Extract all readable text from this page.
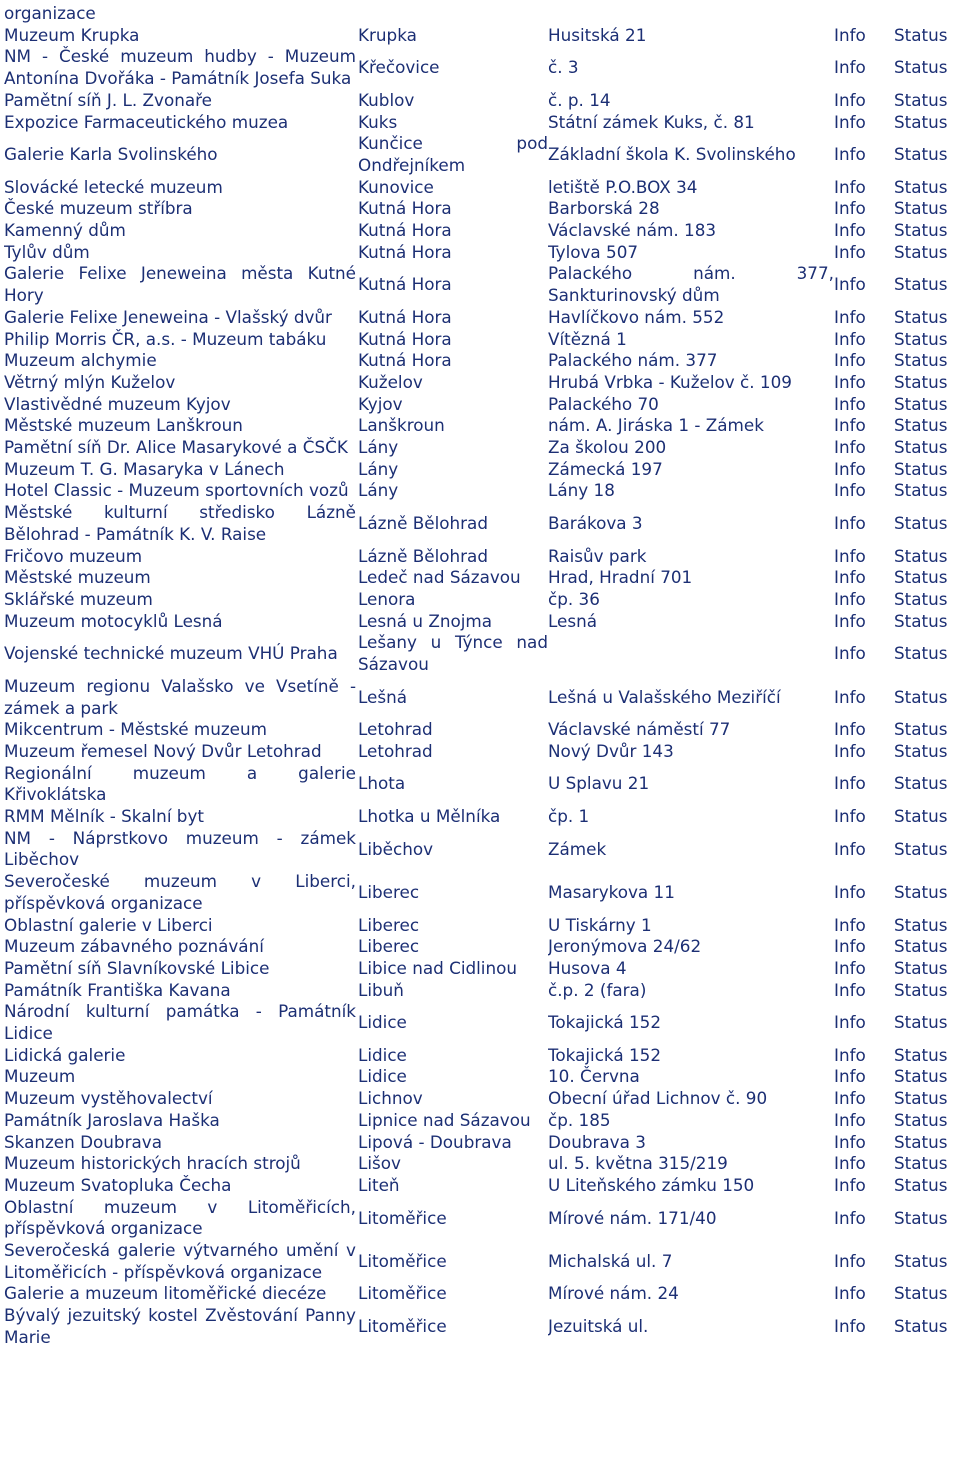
organizace				
Muzeum Krupka	Krupka	Husitská 21	Info	Status
NM - České muzeum hudby - Muzeum Antonína Dvořáka - Památník Josefa Suka	Křečovice	č. 3	Info	Status
Pamětní síň J. L. Zvonaře	Kublov	č. p. 14	Info	Status
Expozice Farmaceutického muzea	Kuks	Státní zámek Kuks, č. 81	Info	Status
Galerie Karla Svolinského	Kunčice pod Ondřejníkem	Základní škola K. Svolinského	Info	Status
Slovácké letecké muzeum	Kunovice	letiště P.O.BOX 34	Info	Status
České muzeum stříbra	Kutná Hora	Barborská 28	Info	Status
Kamenný dům	Kutná Hora	Václavské nám. 183	Info	Status
Tylův dům	Kutná Hora	Tylova 507	Info	Status
Galerie Felixe Jeneweina města Kutné Hory	Kutná Hora	Palackého nám. 377, Sankturinovský dům	Info	Status
Galerie Felixe Jeneweina - Vlašský dvůr	Kutná Hora	Havlíčkovo nám. 552	Info	Status
Philip Morris ČR, a.s. - Muzeum tabáku	Kutná Hora	Vítězná 1	Info	Status
Muzeum alchymie	Kutná Hora	Palackého nám. 377	Info	Status
Větrný mlýn Kuželov	Kuželov	Hrubá Vrbka - Kuželov č. 109	Info	Status
Vlastivědné muzeum Kyjov	Kyjov	Palackého 70	Info	Status
Městské muzeum Lanškroun	Lanškroun	nám. A. Jiráska 1 - Zámek	Info	Status
Pamětní síň Dr. Alice Masarykové a ČSČK	Lány	Za školou 200	Info	Status
Muzeum T. G. Masaryka v Lánech	Lány	Zámecká 197	Info	Status
Hotel Classic - Muzeum sportovních vozů	Lány	Lány 18	Info	Status
Městské kulturní středisko Lázně Bělohrad - Památník K. V. Raise	Lázně Bělohrad	Barákova 3	Info	Status
Fričovo muzeum	Lázně Bělohrad	Raisův park	Info	Status
Městské muzeum	Ledeč nad Sázavou	Hrad, Hradní 701	Info	Status
Sklářské muzeum	Lenora	čp. 36	Info	Status
Muzeum motocyklů Lesná	Lesná u Znojma	Lesná	Info	Status
Vojenské technické muzeum VHÚ Praha	Lešany u Týnce nad Sázavou		Info	Status
Muzeum regionu Valašsko ve Vsetíně - zámek a park	Lešná	Lešná u Valašského Meziříčí	Info	Status
Mikcentrum - Městské muzeum	Letohrad	Václavské náměstí 77	Info	Status
Muzeum řemesel Nový Dvůr Letohrad	Letohrad	Nový Dvůr 143	Info	Status
Regionální muzeum a galerie Křivoklátska	Lhota	U Splavu 21	Info	Status
RMM Mělník - Skalní byt	Lhotka u Mělníka	čp. 1	Info	Status
NM - Náprstkovo muzeum - zámek Liběchov	Liběchov	Zámek	Info	Status
Severočeské muzeum v Liberci, příspěvková organizace	Liberec	Masarykova 11	Info	Status
Oblastní galerie v Liberci	Liberec	U Tiskárny 1	Info	Status
Muzeum zábavného poznávání	Liberec	Jeronýmova 24/62	Info	Status
Pamětní síň Slavníkovské Libice	Libice nad Cidlinou	Husova 4	Info	Status
Památník Františka Kavana	Libuň	č.p. 2 (fara)	Info	Status
Národní kulturní památka - Památník Lidice	Lidice	Tokajická 152	Info	Status
Lidická galerie	Lidice	Tokajická 152	Info	Status
Muzeum	Lidice	10. Června	Info	Status
Muzeum vystěhovalectví	Lichnov	Obecní úřad Lichnov č. 90	Info	Status
Památník Jaroslava Haška	Lipnice nad Sázavou	čp. 185	Info	Status
Skanzen Doubrava	Lipová - Doubrava	Doubrava 3	Info	Status
Muzeum historických hracích strojů	Lišov	ul. 5. května 315/219	Info	Status
Muzeum Svatopluka Čecha	Liteň	U Liteňského zámku 150	Info	Status
Oblastní muzeum v Litoměřicích, příspěvková organizace	Litoměřice	Mírové nám. 171/40	Info	Status
Severočeská galerie výtvarného umění v Litoměřicích - příspěvková organizace	Litoměřice	Michalská ul. 7	Info	Status
Galerie a muzeum litoměřické diecéze	Litoměřice	Mírové nám. 24	Info	Status
Bývalý jezuitský kostel Zvěstování Panny Marie	Litoměřice	Jezuitská ul.	Info	Status
